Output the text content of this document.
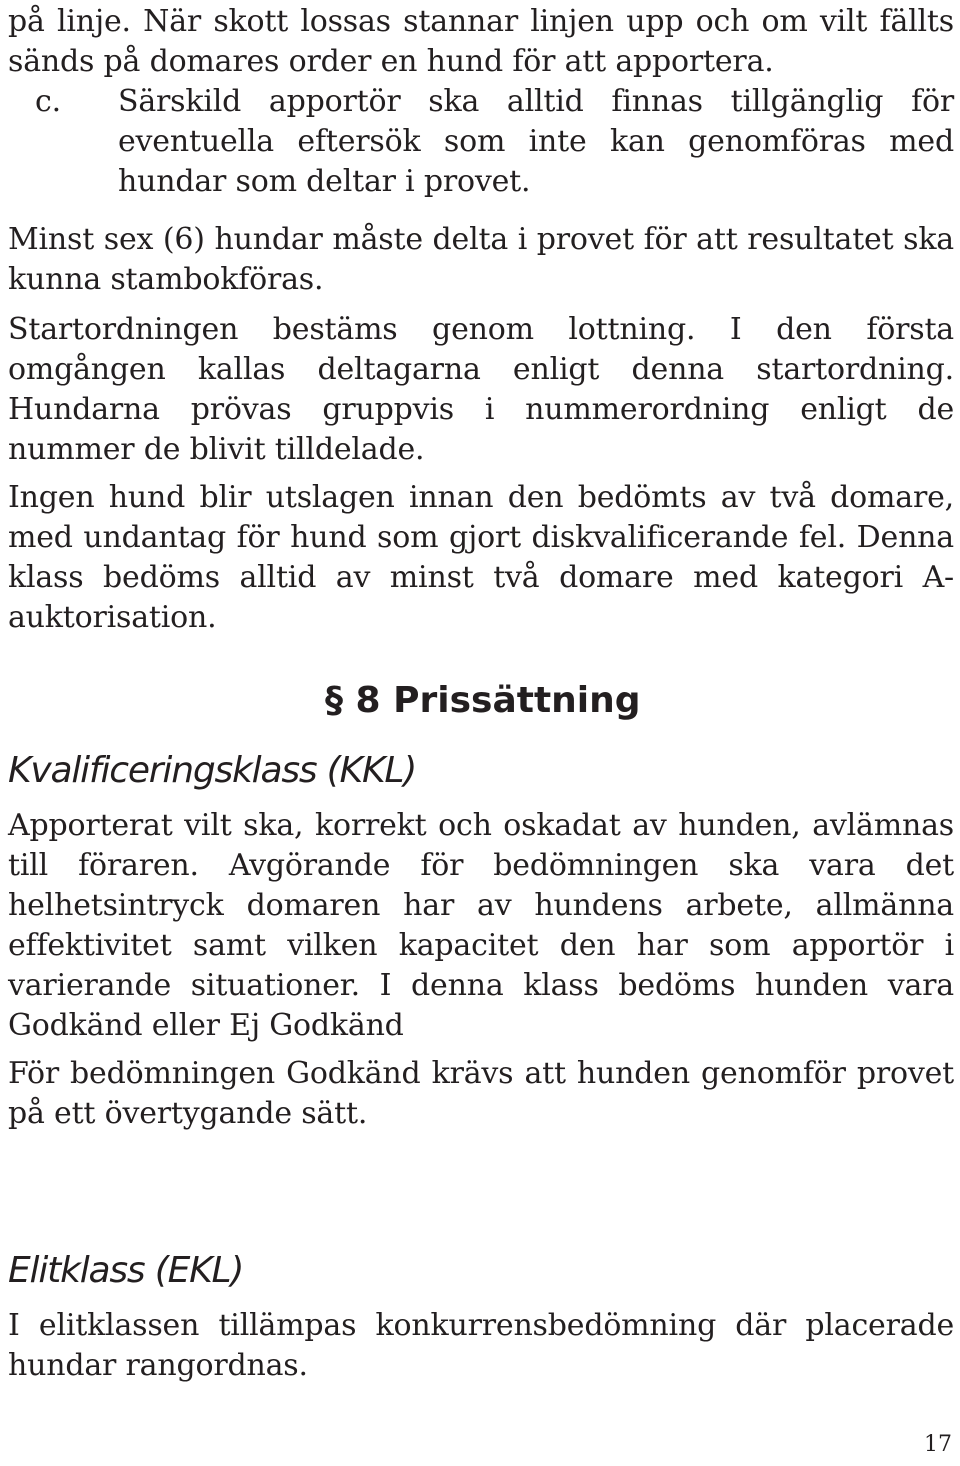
på linje. När skott lossas stannar linjen upp och om vilt fällts sänds på domares order en hund för att apportera.

c. Särskild apportör ska alltid finnas tillgänglig för eventuella eftersök som inte kan genomföras med hundar som deltar i provet.

Minst sex (6) hundar måste delta i provet för att resultatet ska kunna stambokföras.

Startordningen bestäms genom lottning. I den första omgången kallas deltagarna enligt denna startordning. Hundarna prövas gruppvis i nummerordning enligt de nummer de blivit tilldelade.

Ingen hund blir utslagen innan den bedömts av två domare, med undantag för hund som gjort diskvalificerande fel. Denna klass bedöms alltid av minst två domare med kategori A-auktorisation.

§ 8 Prissättning
Kvalificeringsklass (KKL)

Apporterat vilt ska, korrekt och oskadat av hunden, avlämnas till föraren. Avgörande för bedömningen ska vara det helhetsintryck domaren har av hundens arbete, allmänna effektivitet samt vilken kapacitet den har som apportör i varierande situationer. I denna klass bedöms hunden vara Godkänd eller Ej Godkänd

För bedömningen Godkänd krävs att hunden genomför provet på ett övertygande sätt.

Elitklass (EKL)

I elitklassen tillämpas konkurrensbedömning där placerade hundar rangordnas.

17
